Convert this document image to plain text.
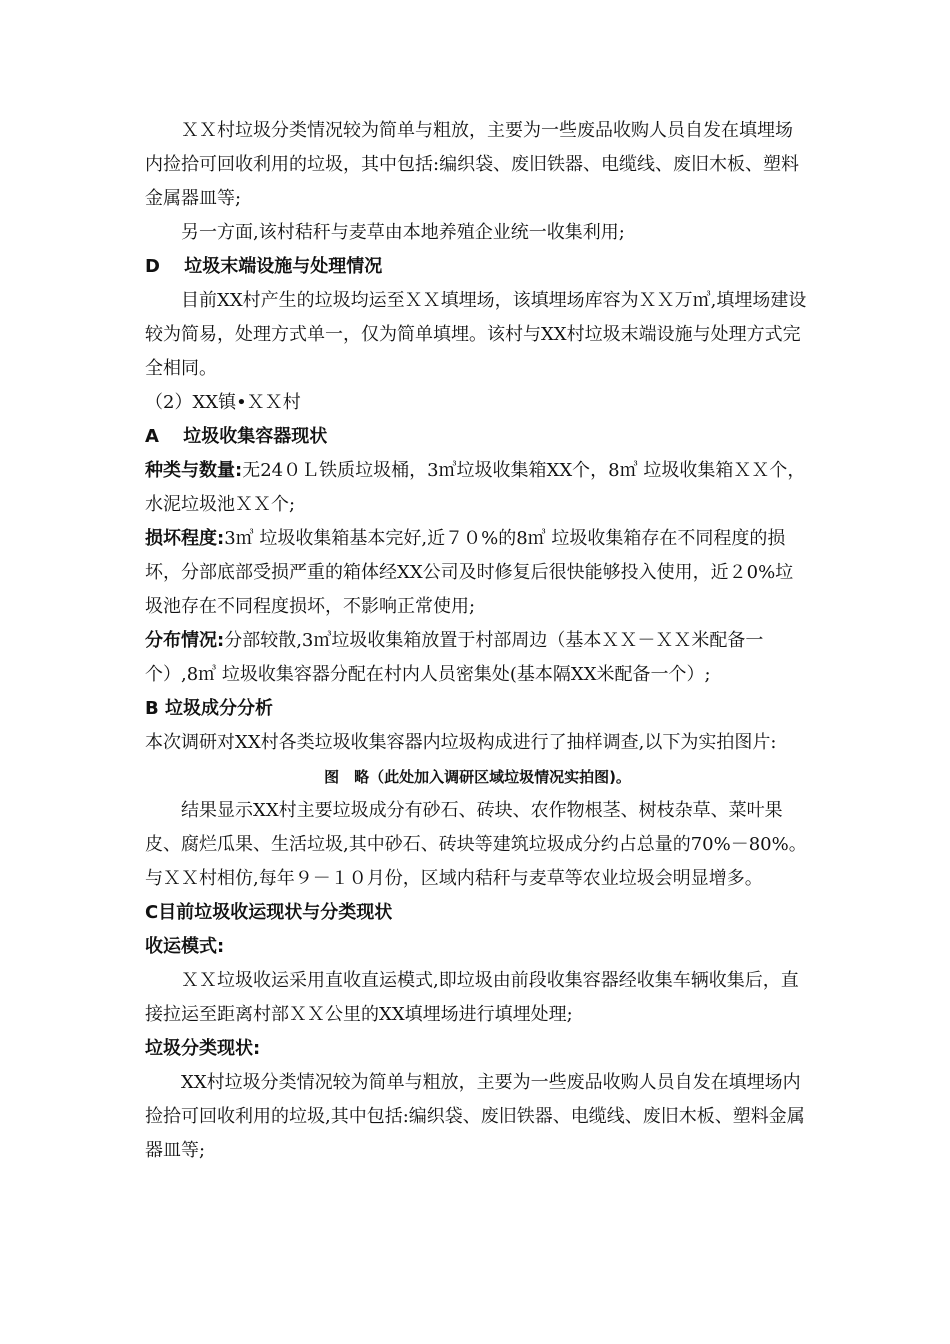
ＸＸ村垃圾分类情况较为简单与粗放，主要为一些废品收购人员自发在填埋场内捡拾可回收利用的垃圾，其中包括:编织袋、废旧铁器、电缆线、废旧木板、塑料金属器皿等;

另一方面,该村秸秆与麦草由本地养殖企业统一收集利用;

D　 垃圾末端设施与处理情况

目前XX村产生的垃圾均运至ＸＸ填埋场，该填埋场库容为ＸＸ万㎥,填埋场建设较为简易，处理方式单一，仅为简单填埋。该村与XX村垃圾末端设施与处理方式完全相同。

（2）XX镇•ＸＸ村

A　 垃圾收集容器现状

种类与数量:无24０Ｌ铁质垃圾桶，3㎥垃圾收集箱XX个，8㎥ 垃圾收集箱ＸＸ个，水泥垃圾池ＸＸ个;

损坏程度:3㎥ 垃圾收集箱基本完好,近７０%的8㎥ 垃圾收集箱存在不同程度的损坏，分部底部受损严重的箱体经XX公司及时修复后很快能够投入使用，近２0%垃圾池存在不同程度损坏，不影响正常使用;

分布情况:分部较散,3㎥垃圾收集箱放置于村部周边（基本ＸＸ－ＸＸ米配备一个）,8㎥ 垃圾收集容器分配在村内人员密集处(基本隔XX米配备一个）;

B 垃圾成分分析

本次调研对XX村各类垃圾收集容器内垃圾构成进行了抽样调查,以下为实拍图片:

图　略（此处加入调研区域垃圾情况实拍图)。

结果显示XX村主要垃圾成分有砂石、砖块、农作物根茎、树枝杂草、菜叶果皮、腐烂瓜果、生活垃圾,其中砂石、砖块等建筑垃圾成分约占总量的70%－80%。与ＸＸ村相仿,每年９－１０月份，区域内秸秆与麦草等农业垃圾会明显增多。

C目前垃圾收运现状与分类现状

收运模式:

ＸＸ垃圾收运采用直收直运模式,即垃圾由前段收集容器经收集车辆收集后，直接拉运至距离村部ＸＸ公里的XX填埋场进行填埋处理;

垃圾分类现状:

XX村垃圾分类情况较为简单与粗放，主要为一些废品收购人员自发在填埋场内捡拾可回收利用的垃圾,其中包括:编织袋、废旧铁器、电缆线、废旧木板、塑料金属器皿等;
